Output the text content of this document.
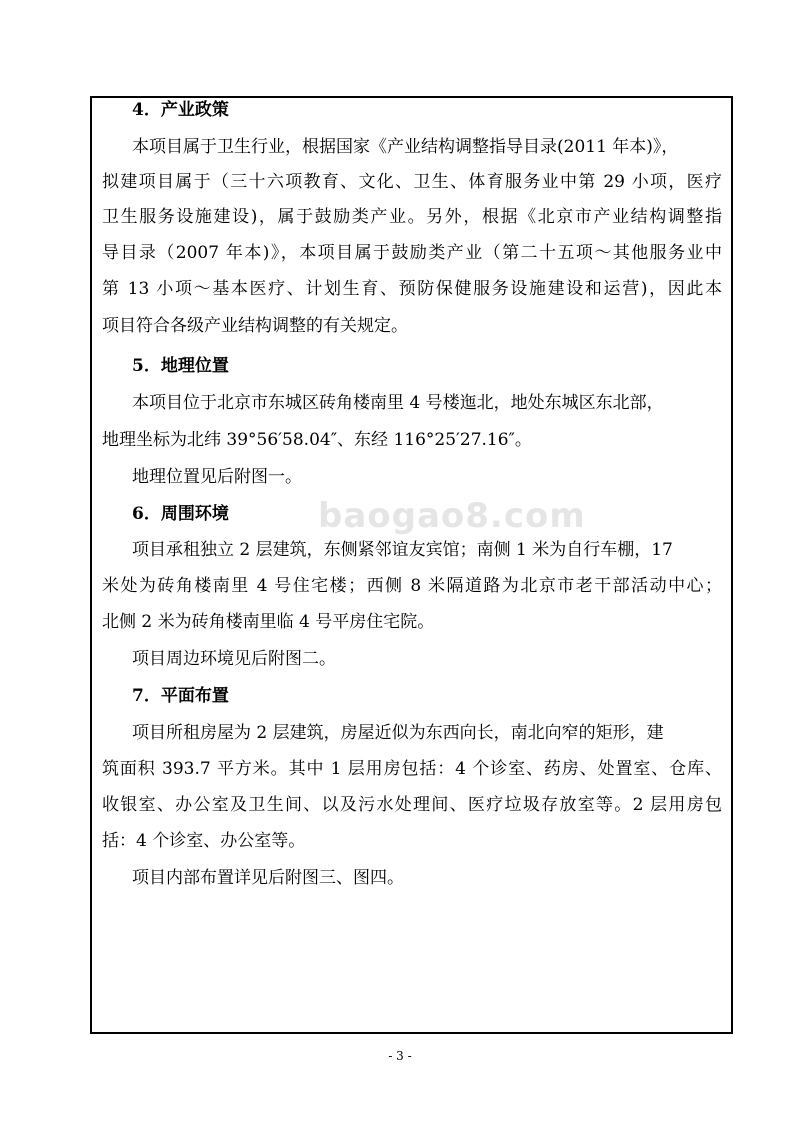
baogao8.com
4．产业政策
本项目属于卫生行业，根据国家《产业结构调整指导目录(2011 年本)》，
拟建项目属于（三十六项教育、文化、卫生、体育服务业中第 29 小项，医疗
卫生服务设施建设)，属于鼓励类产业。另外，根据《北京市产业结构调整指
导目录（2007 年本)》，本项目属于鼓励类产业（第二十五项～其他服务业中
第 13 小项～基本医疗、计划生育、预防保健服务设施建设和运营)，因此本
项目符合各级产业结构调整的有关规定。
5．地理位置
本项目位于北京市东城区砖角楼南里 4 号楼迤北，地处东城区东北部，
地理坐标为北纬 39°56′58.04″、东经 116°25′27.16″。
地理位置见后附图一。
6．周围环境
项目承租独立 2 层建筑，东侧紧邻谊友宾馆；南侧 1 米为自行车棚，17
米处为砖角楼南里 4 号住宅楼；西侧 8 米隔道路为北京市老干部活动中心；
北侧 2 米为砖角楼南里临 4 号平房住宅院。
项目周边环境见后附图二。
7．平面布置
项目所租房屋为 2 层建筑，房屋近似为东西向长，南北向窄的矩形，建
筑面积 393.7 平方米。其中 1 层用房包括：4 个诊室、药房、处置室、仓库、
收银室、办公室及卫生间、以及污水处理间、医疗垃圾存放室等。2 层用房包
括：4 个诊室、办公室等。
项目内部布置详见后附图三、图四。
- 3 -
